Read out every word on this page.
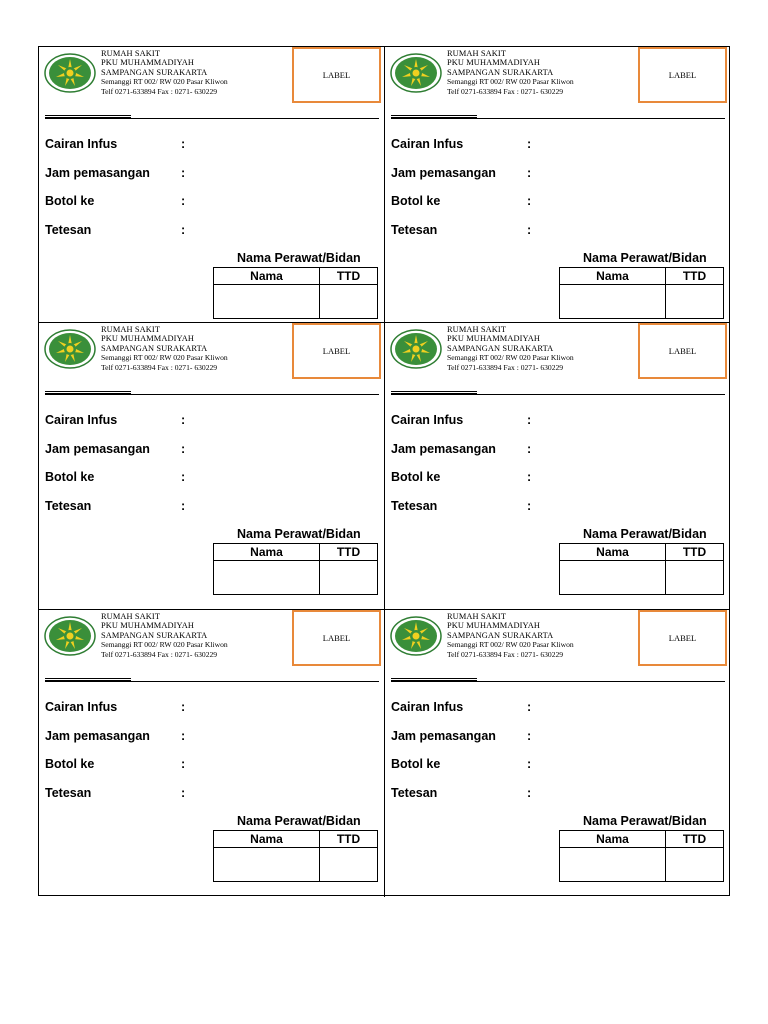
RUMAH SAKIT
PKU MUHAMMADIYAH
SAMPANGAN SURAKARTA
Semanggi RT 002/ RW 020 Pasar Kliwon
Telf 0271-633894 Fax : 0271- 630229
LABEL
Cairan Infus	:
Jam pemasangan :
Botol ke	:
Tetesan	:
Nama Perawat/Bidan
Nama	TTD

RUMAH SAKIT
PKU MUHAMMADIYAH
SAMPANGAN SURAKARTA
Semanggi RT 002/ RW 020 Pasar Kliwon
Telf 0271-633894 Fax : 0271- 630229
LABEL
Cairan Infus	:
Jam pemasangan :
Botol ke	:
Tetesan	:
Nama Perawat/Bidan
Nama	TTD

RUMAH SAKIT
PKU MUHAMMADIYAH
SAMPANGAN SURAKARTA
Semanggi RT 002/ RW 020 Pasar Kliwon
Telf 0271-633894 Fax : 0271- 630229
LABEL
Cairan Infus	:
Jam pemasangan :
Botol ke	:
Tetesan	:
Nama Perawat/Bidan
Nama	TTD

RUMAH SAKIT
PKU MUHAMMADIYAH
SAMPANGAN SURAKARTA
Semanggi RT 002/ RW 020 Pasar Kliwon
Telf 0271-633894 Fax : 0271- 630229
LABEL
Cairan Infus	:
Jam pemasangan :
Botol ke	:
Tetesan	:
Nama Perawat/Bidan
Nama	TTD

RUMAH SAKIT
PKU MUHAMMADIYAH
SAMPANGAN SURAKARTA
Semanggi RT 002/ RW 020 Pasar Kliwon
Telf 0271-633894 Fax : 0271- 630229
LABEL
Cairan Infus	:
Jam pemasangan :
Botol ke	:
Tetesan	:
Nama Perawat/Bidan
Nama	TTD

RUMAH SAKIT
PKU MUHAMMADIYAH
SAMPANGAN SURAKARTA
Semanggi RT 002/ RW 020 Pasar Kliwon
Telf 0271-633894 Fax : 0271- 630229
LABEL
Cairan Infus	:
Jam pemasangan :
Botol ke	:
Tetesan	:
Nama Perawat/Bidan
Nama	TTD
